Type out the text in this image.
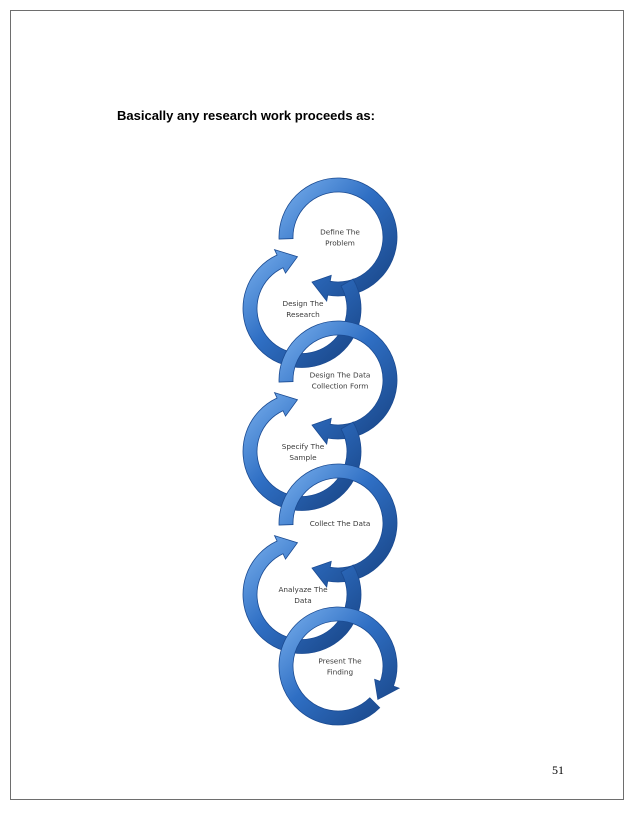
Basically any research work proceeds as:

Define The Problem
Design The Research
Design The Data Collection Form
Specify The Sample
Collect The Data
Analyaze The Data
Present The Finding
51
